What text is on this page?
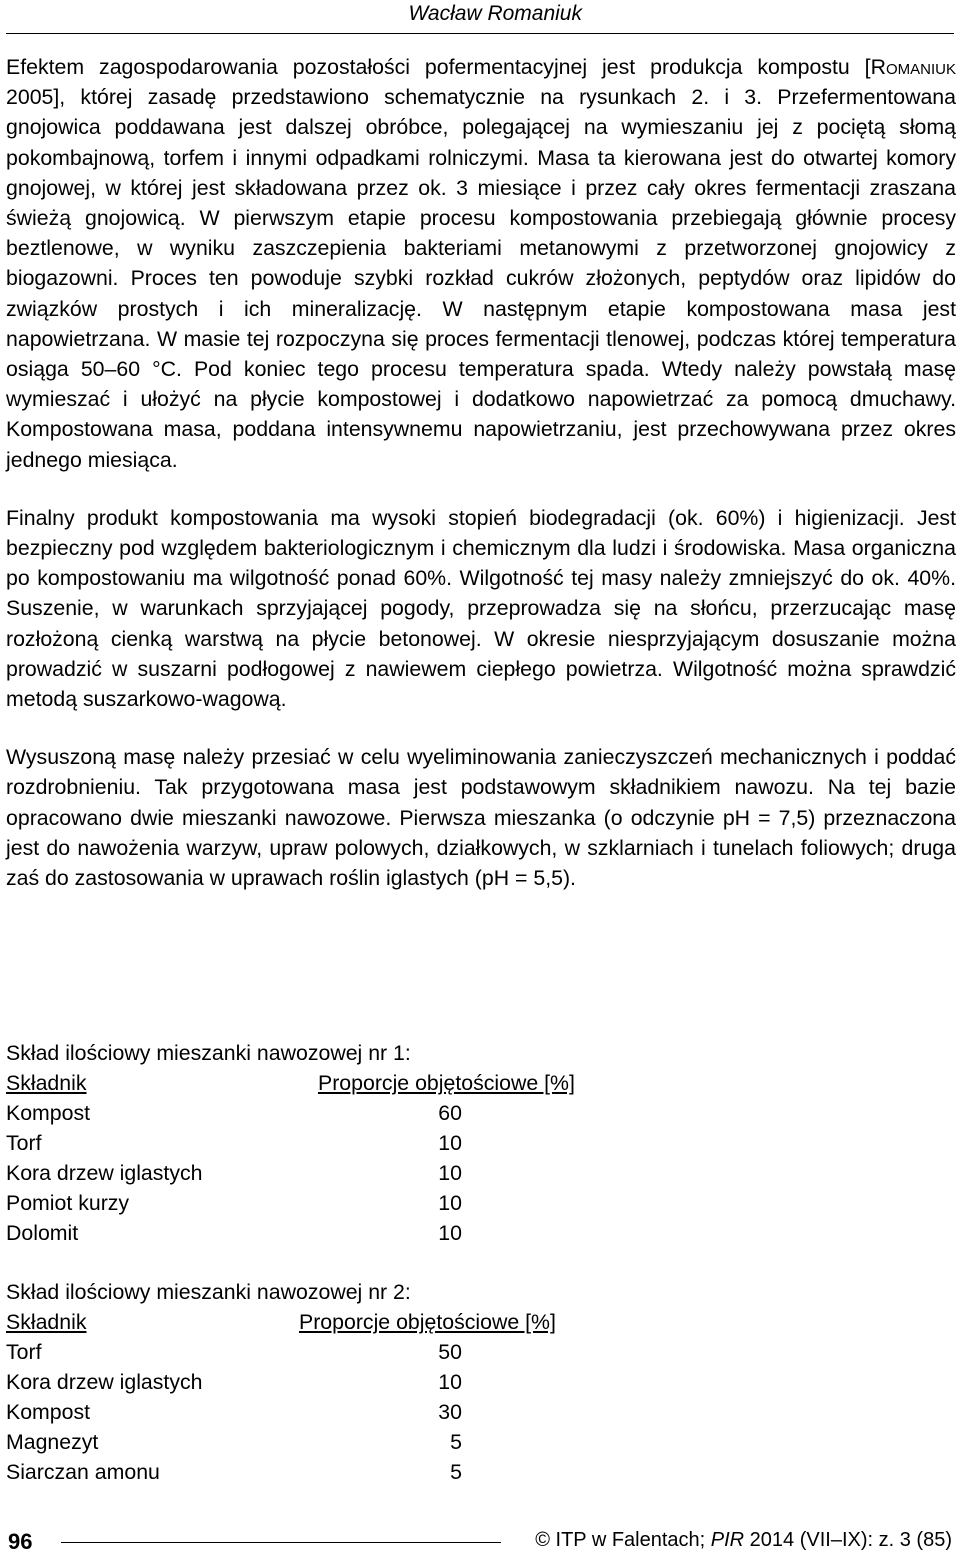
Wacław Romaniuk

Efektem zagospodarowania pozostałości pofermentacyjnej jest produkcja kompostu [Romaniuk 2005], której zasadę przedstawiono schematycznie na rysunkach 2. i 3. Przefermentowana gnojowica poddawana jest dalszej obróbce, polegającej na wymieszaniu jej z pociętą słomą pokombajnową, torfem i innymi odpadkami rolniczymi. Masa ta kierowana jest do otwartej komory gnojowej, w której jest składowana przez ok. 3 miesiące i przez cały okres fermentacji zraszana świeżą gnojowicą. W pierwszym etapie procesu kompostowania przebiegają głównie procesy beztlenowe, w wyniku zaszczepienia bakteriami metanowymi z przetworzonej gnojowicy z biogazowni. Proces ten powoduje szybki rozkład cukrów złożonych, peptydów oraz lipidów do związków prostych i ich mineralizację. W następnym etapie kompostowana masa jest napowietrzana. W masie tej rozpoczyna się proces fermentacji tlenowej, podczas której temperatura osiąga 50–60 °C. Pod koniec tego procesu temperatura spada. Wtedy należy powstałą masę wymieszać i ułożyć na płycie kompostowej i dodatkowo napowietrzać za pomocą dmuchawy. Kompostowana masa, poddana intensywnemu napowietrzaniu, jest przechowywana przez okres jednego miesiąca.

Finalny produkt kompostowania ma wysoki stopień biodegradacji (ok. 60%) i higienizacji. Jest bezpieczny pod względem bakteriologicznym i chemicznym dla ludzi i środowiska. Masa organiczna po kompostowaniu ma wilgotność ponad 60%. Wilgotność tej masy należy zmniejszyć do ok. 40%. Suszenie, w warunkach sprzyjającej pogody, przeprowadza się na słońcu, przerzucając masę rozłożoną cienką warstwą na płycie betonowej. W okresie niesprzyjającym dosuszanie można prowadzić w suszarni podłogowej z nawiewem ciepłego powietrza. Wilgotność można sprawdzić metodą suszarkowo-wagową.

Wysuszoną masę należy przesiać w celu wyeliminowania zanieczyszczeń mechanicznych i poddać rozdrobnieniu. Tak przygotowana masa jest podstawowym składnikiem nawozu. Na tej bazie opracowano dwie mieszanki nawozowe. Pierwsza mieszanka (o odczynie pH = 7,5) przeznaczona jest do nawożenia warzyw, upraw polowych, działkowych, w szklarniach i tunelach foliowych; druga zaś do zastosowania w uprawach roślin iglastych (pH = 5,5).

Skład ilościowy mieszanki nawozowej nr 1:
Składnik	Proporcje objętościowe [%]
Kompost	60
Torf	10
Kora drzew iglastych	10
Pomiot kurzy	10
Dolomit	10
Skład ilościowy mieszanki nawozowej nr 2:
Składnik	Proporcje objętościowe [%]
Torf	50
Kora drzew iglastych	10
Kompost	30
Magnezyt	5
Siarczan amonu	5
96	© ITP w Falentach; PIR 2014 (VII–IX): z. 3 (85)
